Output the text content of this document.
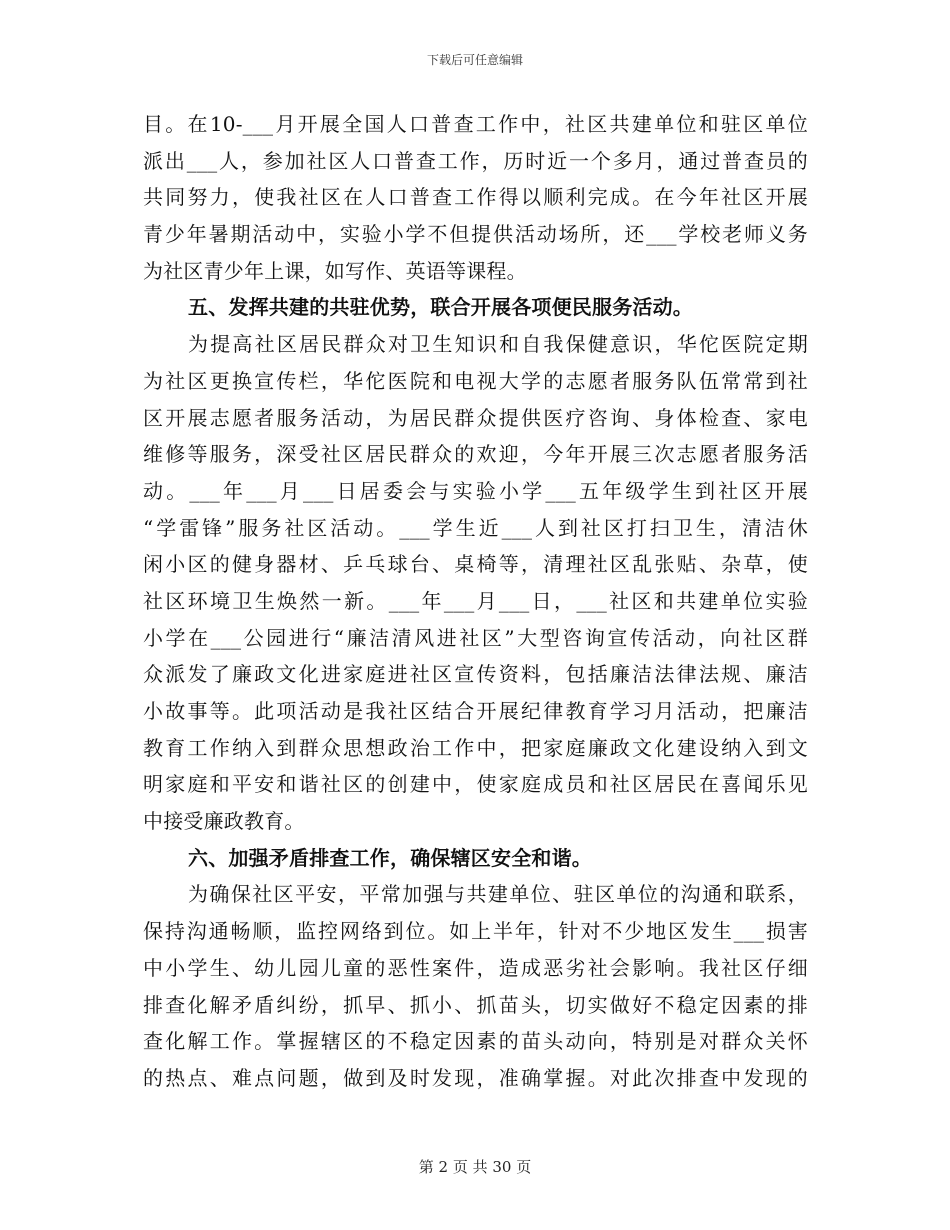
下载后可任意编辑
目。在10-___月开展全国人口普查工作中，社区共建单位和驻区单位
派出___人，参加社区人口普查工作，历时近一个多月，通过普查员的
共同努力，使我社区在人口普查工作得以顺利完成。在今年社区开展
青少年暑期活动中，实验小学不但提供活动场所，还___学校老师义务
为社区青少年上课，如写作、英语等课程。
五、发挥共建的共驻优势，联合开展各项便民服务活动。
为提高社区居民群众对卫生知识和自我保健意识，华佗医院定期
为社区更换宣传栏，华佗医院和电视大学的志愿者服务队伍常常到社
区开展志愿者服务活动，为居民群众提供医疗咨询、身体检查、家电
维修等服务，深受社区居民群众的欢迎，今年开展三次志愿者服务活
动。___年___月___日居委会与实验小学___五年级学生到社区开展
“学雷锋”服务社区活动。___学生近___人到社区打扫卫生，清洁休
闲小区的健身器材、乒乓球台、桌椅等，清理社区乱张贴、杂草，使
社区环境卫生焕然一新。___年___月___日，___社区和共建单位实验
小学在___公园进行“廉洁清风进社区”大型咨询宣传活动，向社区群
众派发了廉政文化进家庭进社区宣传资料，包括廉洁法律法规、廉洁
小故事等。此项活动是我社区结合开展纪律教育学习月活动，把廉洁
教育工作纳入到群众思想政治工作中，把家庭廉政文化建设纳入到文
明家庭和平安和谐社区的创建中，使家庭成员和社区居民在喜闻乐见
中接受廉政教育。
六、加强矛盾排查工作，确保辖区安全和谐。
为确保社区平安，平常加强与共建单位、驻区单位的沟通和联系，
保持沟通畅顺，监控网络到位。如上半年，针对不少地区发生___损害
中小学生、幼儿园儿童的恶性案件，造成恶劣社会影响。我社区仔细
排查化解矛盾纠纷，抓早、抓小、抓苗头，切实做好不稳定因素的排
查化解工作。掌握辖区的不稳定因素的苗头动向，特别是对群众关怀
的热点、难点问题，做到及时发现，准确掌握。对此次排查中发现的
第 2 页 共 30 页
